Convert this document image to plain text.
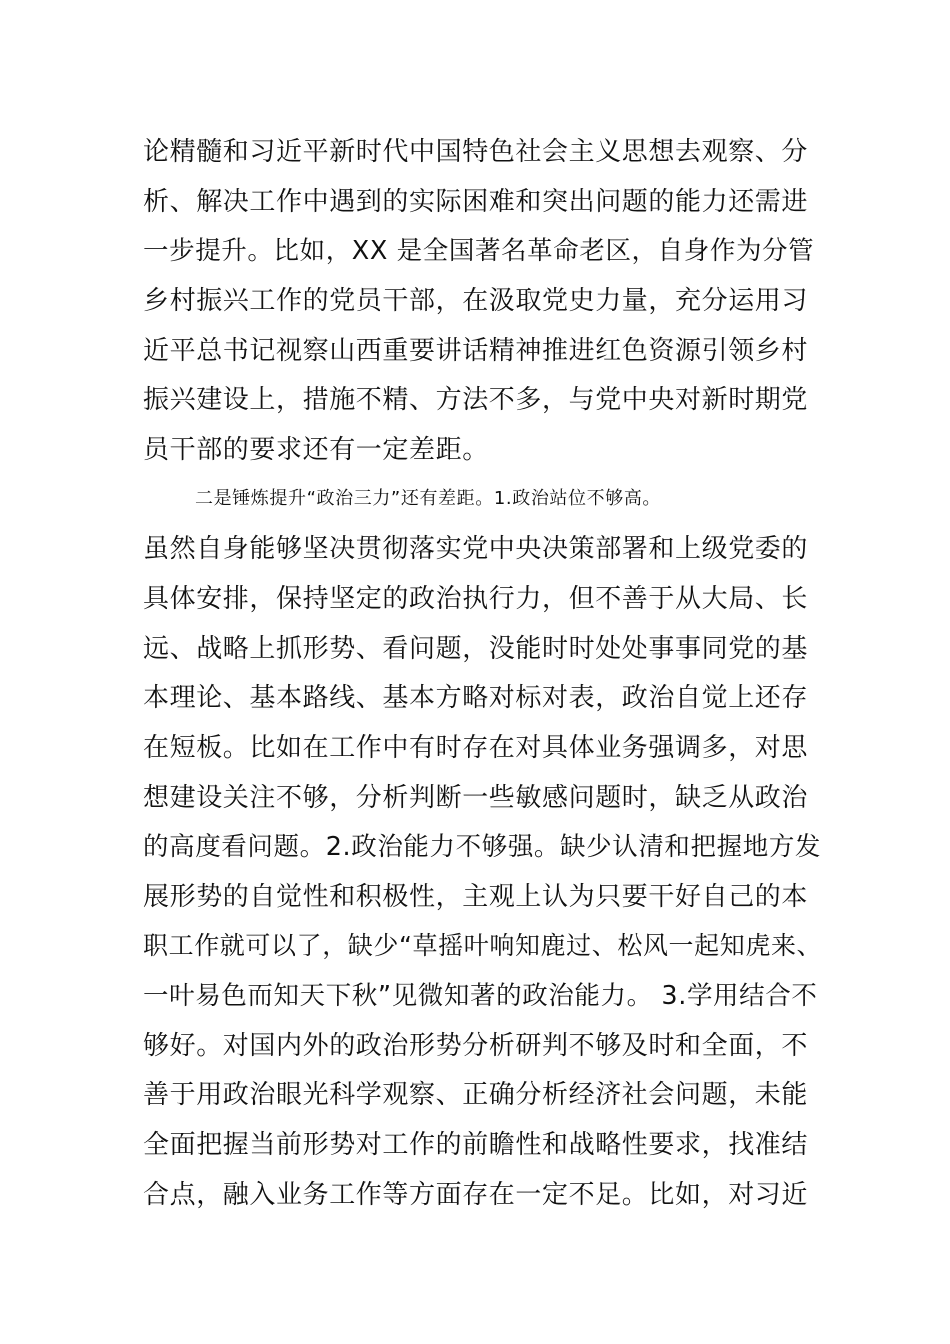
论精髓和习近平新时代中国特色社会主义思想去观察、分
析、解决工作中遇到的实际困难和突出问题的能力还需进
一步提升。比如，XX 是全国著名革命老区，自身作为分管
乡村振兴工作的党员干部，在汲取党史力量，充分运用习
近平总书记视察山西重要讲话精神推进红色资源引领乡村
振兴建设上，措施不精、方法不多，与党中央对新时期党
员干部的要求还有一定差距。
二是锤炼提升“政治三力”还有差距。1.政治站位不够高。
虽然自身能够坚决贯彻落实党中央决策部署和上级党委的
具体安排，保持坚定的政治执行力，但不善于从大局、长
远、战略上抓形势、看问题，没能时时处处事事同党的基
本理论、基本路线、基本方略对标对表，政治自觉上还存
在短板。比如在工作中有时存在对具体业务强调多，对思
想建设关注不够，分析判断一些敏感问题时，缺乏从政治
的高度看问题。2.政治能力不够强。缺少认清和把握地方发
展形势的自觉性和积极性，主观上认为只要干好自己的本
职工作就可以了，缺少“草摇叶响知鹿过、松风一起知虎来、
一叶易色而知天下秋”见微知著的政治能力。 3.学用结合不
够好。对国内外的政治形势分析研判不够及时和全面，不
善于用政治眼光科学观察、正确分析经济社会问题，未能
全面把握当前形势对工作的前瞻性和战略性要求，找准结
合点，融入业务工作等方面存在一定不足。比如，对习近
